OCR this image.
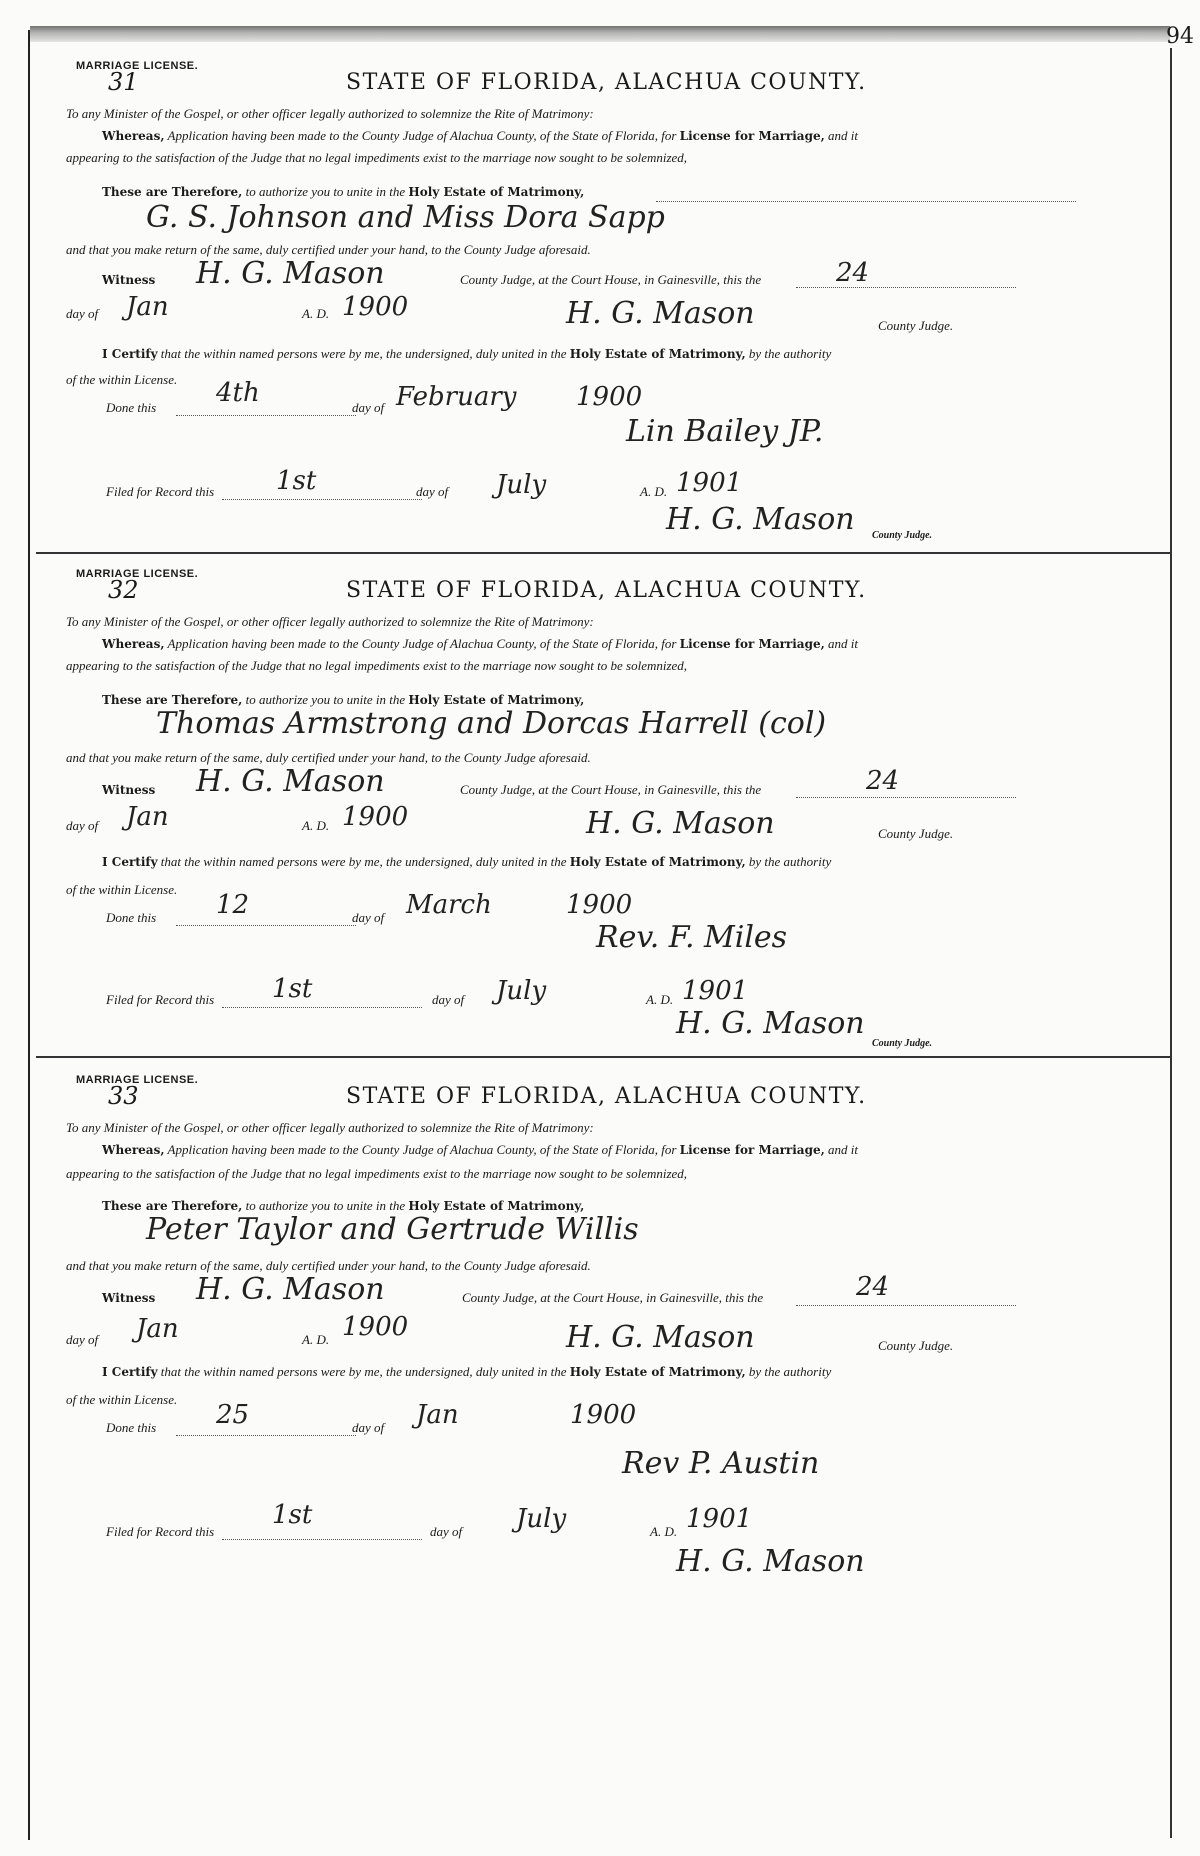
94
MARRIAGE LICENSE.
31	STATE OF FLORIDA, ALACHUA COUNTY.
To any Minister of the Gospel, or other officer legally authorized to solemnize the Rite of Matrimony:
Whereas, Application having been made to the County Judge of Alachua County, of the State of Florida, for License for Marriage, and it
appearing to the satisfaction of the Judge that no legal impediments exist to the marriage now sought to be solemnized,
These are Therefore, to authorize you to unite in the Holy Estate of Matrimony,
G. S. Johnson and Miss Dora Sapp
and that you make return of the same, duly certified under your hand, to the County Judge aforesaid.
Witness H. G. Mason	County Judge, at the Court House, in Gainesville, this the	24
day of Jan	A. D. 1900	H. G. Mason	County Judge.
I Certify that the within named persons were by me, the undersigned, duly united in the Holy Estate of Matrimony, by the authority
of the within License.
Done this 4th	day of February 1900
Lin Bailey JP.
Filed for Record this 1st	day of July	A. D. 1901
H. G. Mason County Judge.
MARRIAGE LICENSE.
32	STATE OF FLORIDA, ALACHUA COUNTY.
To any Minister of the Gospel, or other officer legally authorized to solemnize the Rite of Matrimony:
Whereas, Application having been made to the County Judge of Alachua County, of the State of Florida, for License for Marriage, and it
appearing to the satisfaction of the Judge that no legal impediments exist to the marriage now sought to be solemnized,
These are Therefore, to authorize you to unite in the Holy Estate of Matrimony,
Thomas Armstrong and Dorcas Harrell (col)
and that you make return of the same, duly certified under your hand, to the County Judge aforesaid.
Witness H. G. Mason	County Judge, at the Court House, in Gainesville, this the	24
day of Jan	A. D. 1900	H. G. Mason	County Judge.
I Certify that the within named persons were by me, the undersigned, duly united in the Holy Estate of Matrimony, by the authority
of the within License.
Done this 12	day of March	1900
Rev. F. Miles
Filed for Record this 1st	day of July	A. D. 1901
H. G. Mason
County Judge.
MARRIAGE LICENSE.
33	STATE OF FLORIDA, ALACHUA COUNTY.
To any Minister of the Gospel, or other officer legally authorized to solemnize the Rite of Matrimony:
Whereas, Application having been made to the County Judge of Alachua County, of the State of Florida, for License for Marriage, and it
appearing to the satisfaction of the Judge that no legal impediments exist to the marriage now sought to be solemnized,
These are Therefore, to authorize you to unite in the Holy Estate of Matrimony,
Peter Taylor and Gertrude Willis
and that you make return of the same, duly certified under your hand, to the County Judge aforesaid.
Witness H. G. Mason	County Judge, at the Court House, in Gainesville, this the	24
day of Jan	A. D. 1900	H. G. Mason	County Judge.
I Certify that the within named persons were by me, the undersigned, duly united in the Holy Estate of Matrimony, by the authority
of the within License.
Done this 25	day of Jan	1900
Rev P. Austin
Filed for Record this
1st
day of July	A. D. 1901
H. G. Mason
